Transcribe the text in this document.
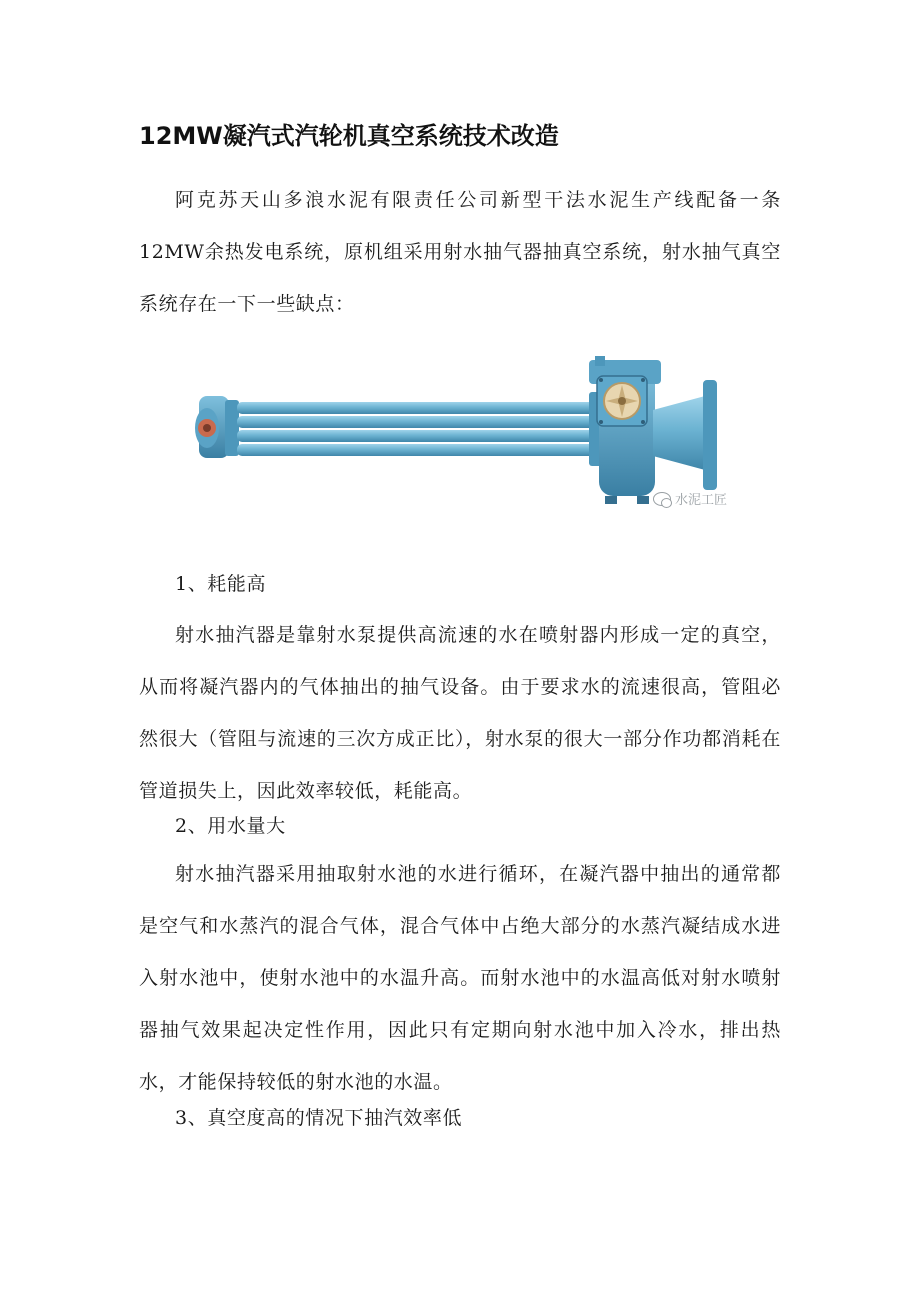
12MW凝汽式汽轮机真空系统技术改造

阿克苏天山多浪水泥有限责任公司新型干法水泥生产线配备一条12MW余热发电系统，原机组采用射水抽气器抽真空系统，射水抽气真空系统存在一下一些缺点：

水泥工匠

1、耗能高

射水抽汽器是靠射水泵提供高流速的水在喷射器内形成一定的真空，从而将凝汽器内的气体抽出的抽气设备。由于要求水的流速很高，管阻必然很大（管阻与流速的三次方成正比），射水泵的很大一部分作功都消耗在管道损失上，因此效率较低，耗能高。

2、用水量大

射水抽汽器采用抽取射水池的水进行循环，在凝汽器中抽出的通常都是空气和水蒸汽的混合气体，混合气体中占绝大部分的水蒸汽凝结成水进入射水池中，使射水池中的水温升高。而射水池中的水温高低对射水喷射器抽气效果起决定性作用，因此只有定期向射水池中加入冷水，排出热水，才能保持较低的射水池的水温。

3、真空度高的情况下抽汽效率低
